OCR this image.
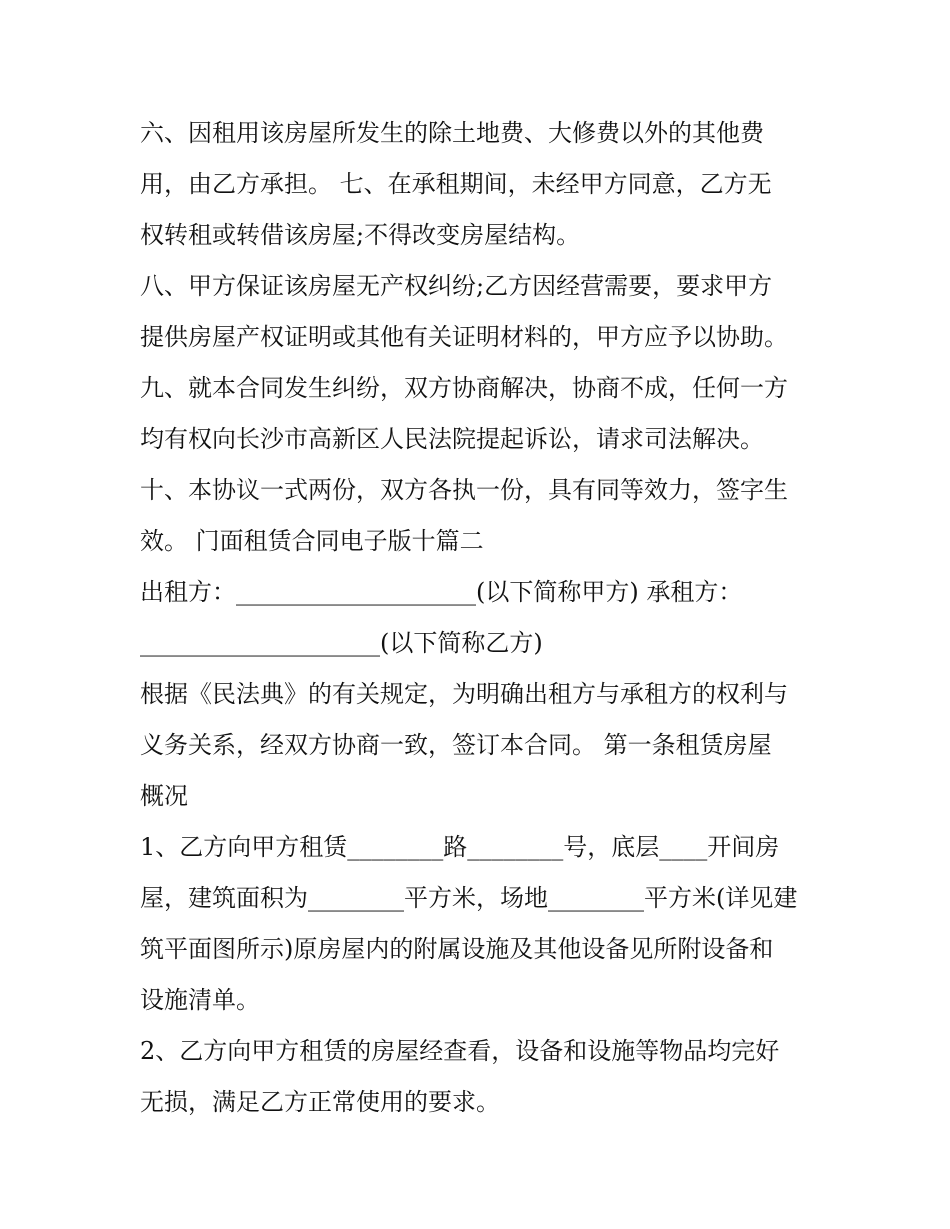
六、因租用该房屋所发生的除土地费、大修费以外的其他费
用，由乙方承担。 七、在承租期间，未经甲方同意，乙方无
权转租或转借该房屋;不得改变房屋结构。
八、甲方保证该房屋无产权纠纷;乙方因经营需要，要求甲方
提供房屋产权证明或其他有关证明材料的，甲方应予以协助。
九、就本合同发生纠纷，双方协商解决，协商不成，任何一方
均有权向长沙市高新区人民法院提起诉讼，请求司法解决。
十、本协议一式两份，双方各执一份，具有同等效力，签字生
效。 门面租赁合同电子版十篇二
出租方：____________________(以下简称甲方) 承租方：
____________________(以下简称乙方)
根据《民法典》的有关规定，为明确出租方与承租方的权利与
义务关系，经双方协商一致，签订本合同。 第一条租赁房屋
概况
1、乙方向甲方租赁________路________号，底层____开间房
屋，建筑面积为________平方米，场地________平方米(详见建
筑平面图所示)原房屋内的附属设施及其他设备见所附设备和
设施清单。
2、乙方向甲方租赁的房屋经查看，设备和设施等物品均完好
无损，满足乙方正常使用的要求。
